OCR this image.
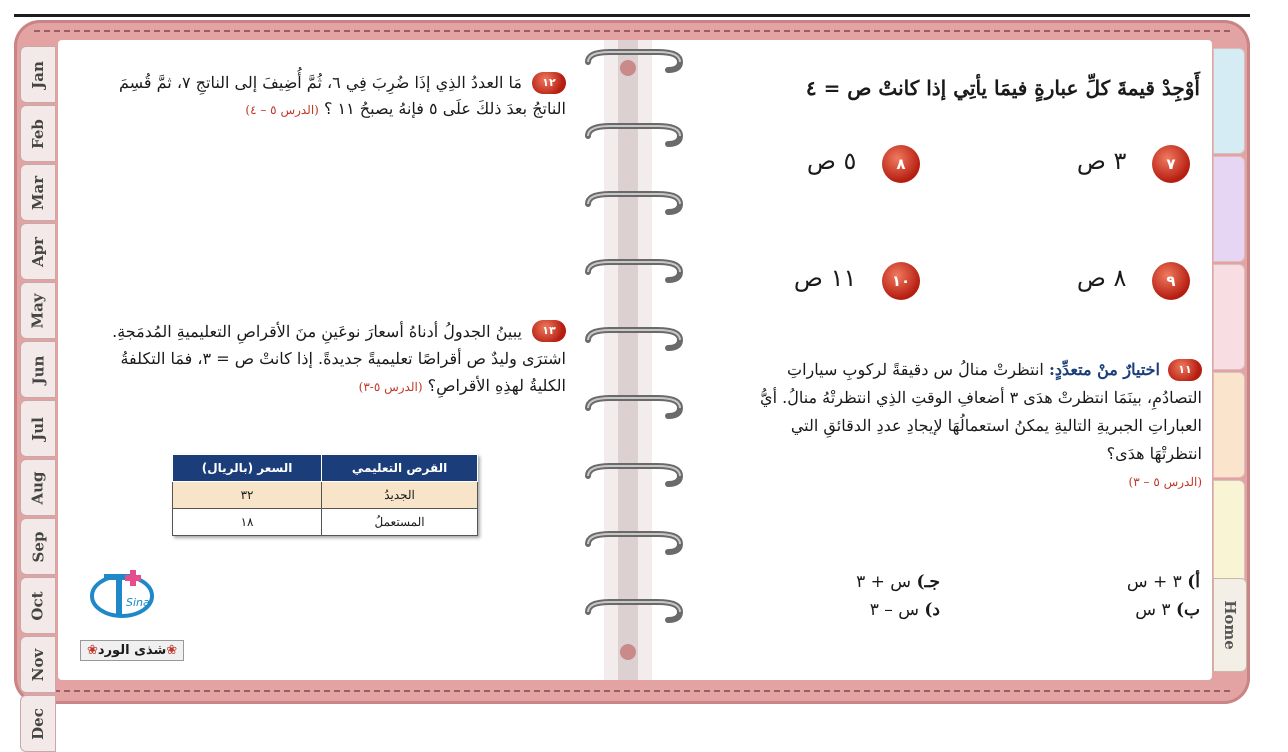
Jan
Feb
Mar
Apr
May
Jun
Jul
Aug
Sep
Oct
Nov
Dec
Home
١٢
مَا العددُ الذِي إذَا ضُرِبَ فِي ٦، ثُمَّ أُضِيفَ إلى الناتجِ ٧، ثمَّ قُسِمَ الناتجُ بعدَ ذلكَ علَى ٥ فإنهُ يصبحُ ١١ ؟ (الدرس ٥ – ٤)
١٣
يبينُ الجدولُ أدناهُ أسعارَ نوعَينِ منَ الأقراصِ التعليميةِ المُدمَجةِ. اشترَى وليدٌ ص أقراصًا تعليميةً جديدةً. إذا كانتْ ص = ٣، فمَا التكلفةُ الكليةُ لهذِهِ الأقراصِ؟ (الدرس ٥-٣)
القرص التعليمي	السعر (بالريال)
الجديدُ	٣٢
المستعملُ	١٨
Sina
❀شذى الورد❀
أَوْجِدْ قيمةَ كلِّ عبارةٍ فيمَا يأتِي إذا كانتْ ص = ٤
٧ ٣ ص
٨ ٥ ص
٩ ٨ ص
١٠ ١١ ص
١١
اختيارٌ منْ متعدِّدٍ: انتظرتْ منالُ س دقيقةً لركوبِ سياراتِ التصادُمِ، بينَمَا انتظرتْ هدَى ٣ أضعافِ الوقتِ الذِي انتظرتْهُ منالُ. أيُّ العباراتِ الجبريةِ التاليةِ يمكنُ استعمالُهَا لإيجادِ عددِ الدقائقِ التي انتظرتْهَا هدَى؟
(الدرس ٥ – ٣)
أ) ٣ + س
ب) ٣ س
جـ) س + ٣
د) س – ٣
